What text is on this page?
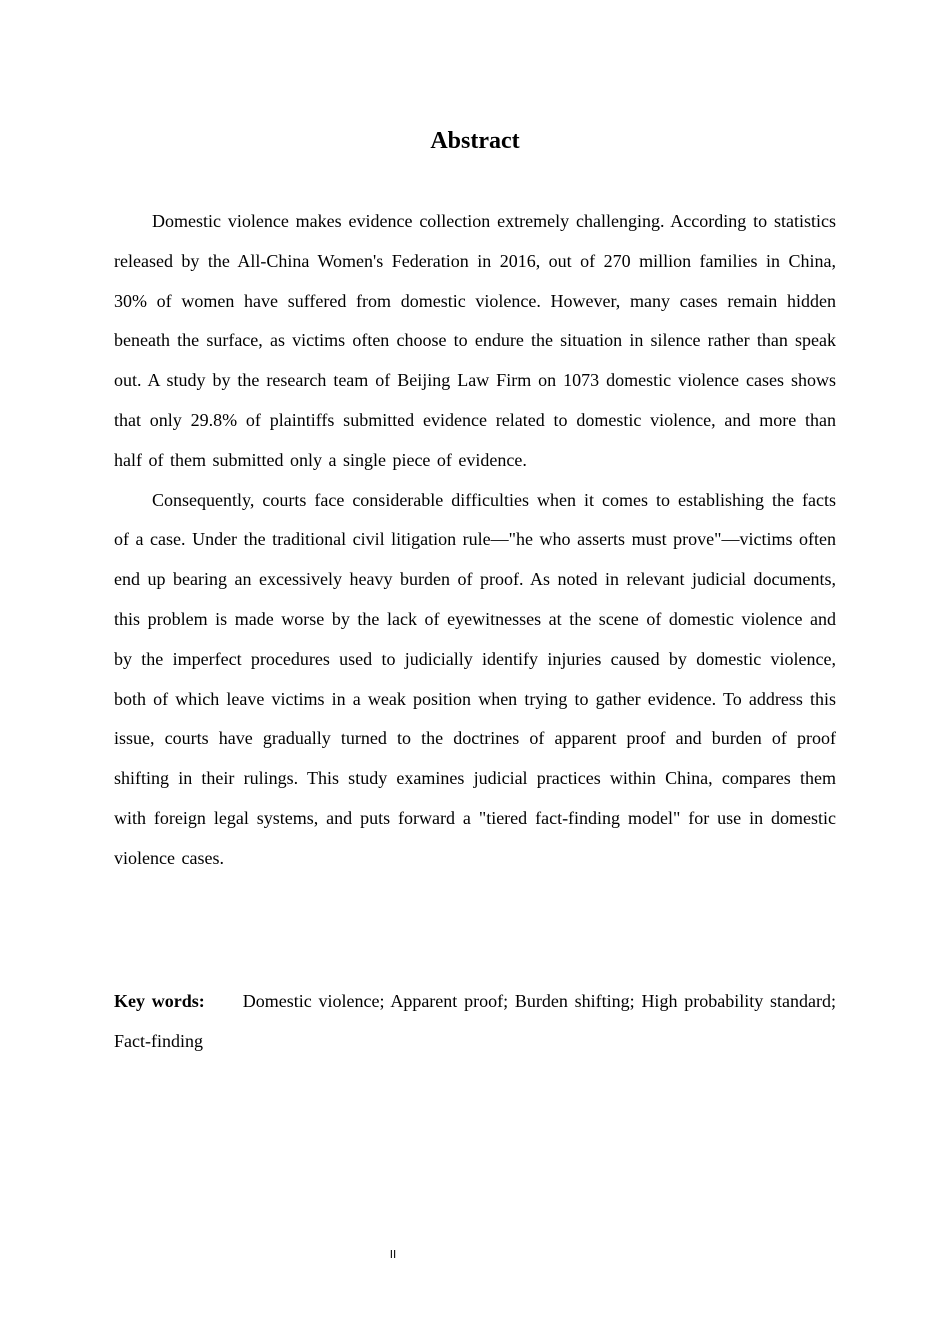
Abstract

Domestic violence makes evidence collection extremely challenging. According to statistics released by the All-China Women's Federation in 2016, out of 270 million families in China, 30% of women have suffered from domestic violence. However, many cases remain hidden beneath the surface, as victims often choose to endure the situation in silence rather than speak out. A study by the research team of Beijing Law Firm on 1073 domestic violence cases shows that only 29.8% of plaintiffs submitted evidence related to domestic violence, and more than half of them submitted only a single piece of evidence.

Consequently, courts face considerable difficulties when it comes to establishing the facts of a case. Under the traditional civil litigation rule—"he who asserts must prove"—victims often end up bearing an excessively heavy burden of proof. As noted in relevant judicial documents, this problem is made worse by the lack of eyewitnesses at the scene of domestic violence and by the imperfect procedures used to judicially identify injuries caused by domestic violence, both of which leave victims in a weak position when trying to gather evidence. To address this issue, courts have gradually turned to the doctrines of apparent proof and burden of proof shifting in their rulings. This study examines judicial practices within China, compares them with foreign legal systems, and puts forward a "tiered fact-finding model" for use in domestic violence cases.

Key words: Domestic violence; Apparent proof; Burden shifting; High probability standard; Fact-finding

II
